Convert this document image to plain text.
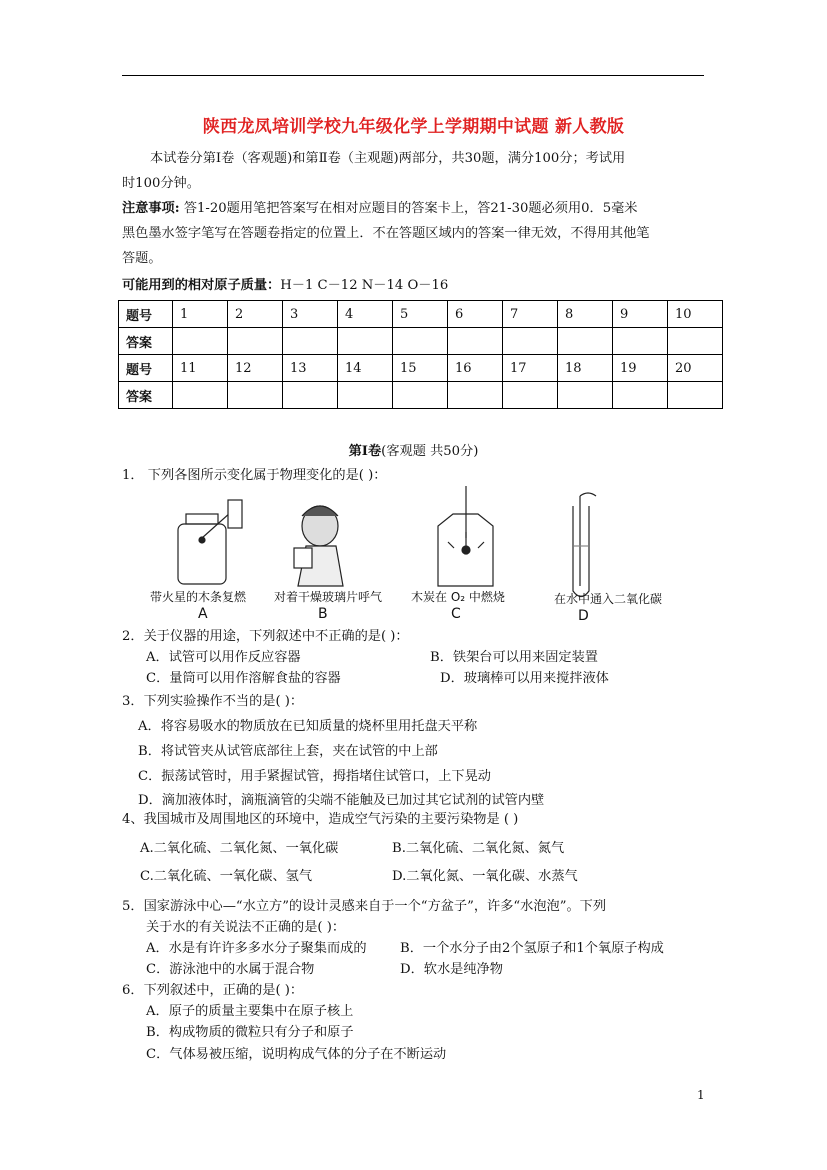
陕西龙凤培训学校九年级化学上学期期中试题 新人教版
本试卷分第Ⅰ卷（客观题)和第Ⅱ卷（主观题)两部分，共30题，满分100分；考试用
时100分钟。
注意事项: 答1-20题用笔把答案写在相对应题目的答案卡上，答21-30题必须用0．5毫米
黑色墨水签字笔写在答题卷指定的位置上．不在答题区域内的答案一律无效，不得用其他笔
答题。
可能用到的相对原子质量：H－1 C－12 N－14 O－16
题号	1	2	3	4	5	6	7	8	9	10
答案										
题号	11	12	13	14	15	16	17	18	19	20
答案										
第Ⅰ卷(客观题 共50分)
1． 下列各图所示变化属于物理变化的是( )：
带火星的木条复燃 对着干燥玻璃片呼气 木炭在 O₂ 中燃烧	在水中通入二氧化碳
A	B	C	D
2．关于仪器的用途，下列叙述中不正确的是( )：
A．试管可以用作反应容器	B．铁架台可以用来固定装置
C．量筒可以用作溶解食盐的容器	D．玻璃棒可以用来搅拌液体
3．下列实验操作不当的是( )：
A．将容易吸水的物质放在已知质量的烧杯里用托盘天平称
B．将试管夹从试管底部往上套，夹在试管的中上部
C．振荡试管时，用手紧握试管，拇指堵住试管口，上下晃动
D．滴加液体时，滴瓶滴管的尖端不能触及已加过其它试剂的试管内壁
4、我国城市及周围地区的环境中，造成空气污染的主要污染物是 ( )
A.二氧化硫、二氧化氮、一氧化碳	B.二氧化硫、二氧化氮、氮气
C.二氧化硫、一氧化碳、氢气	D.二氧化氮、一氧化碳、水蒸气
5．国家游泳中心—“水立方”的设计灵感来自于一个“方盆子”，许多“水泡泡”。下列
关于水的有关说法不正确的是( )：
A．水是有许许多多水分子聚集而成的	B．一个水分子由2个氢原子和1个氧原子构成
C．游泳池中的水属于混合物	D．软水是纯净物
6．下列叙述中，正确的是( )：
A．原子的质量主要集中在原子核上
B．构成物质的微粒只有分子和原子
C．气体易被压缩，说明构成气体的分子在不断运动
1
